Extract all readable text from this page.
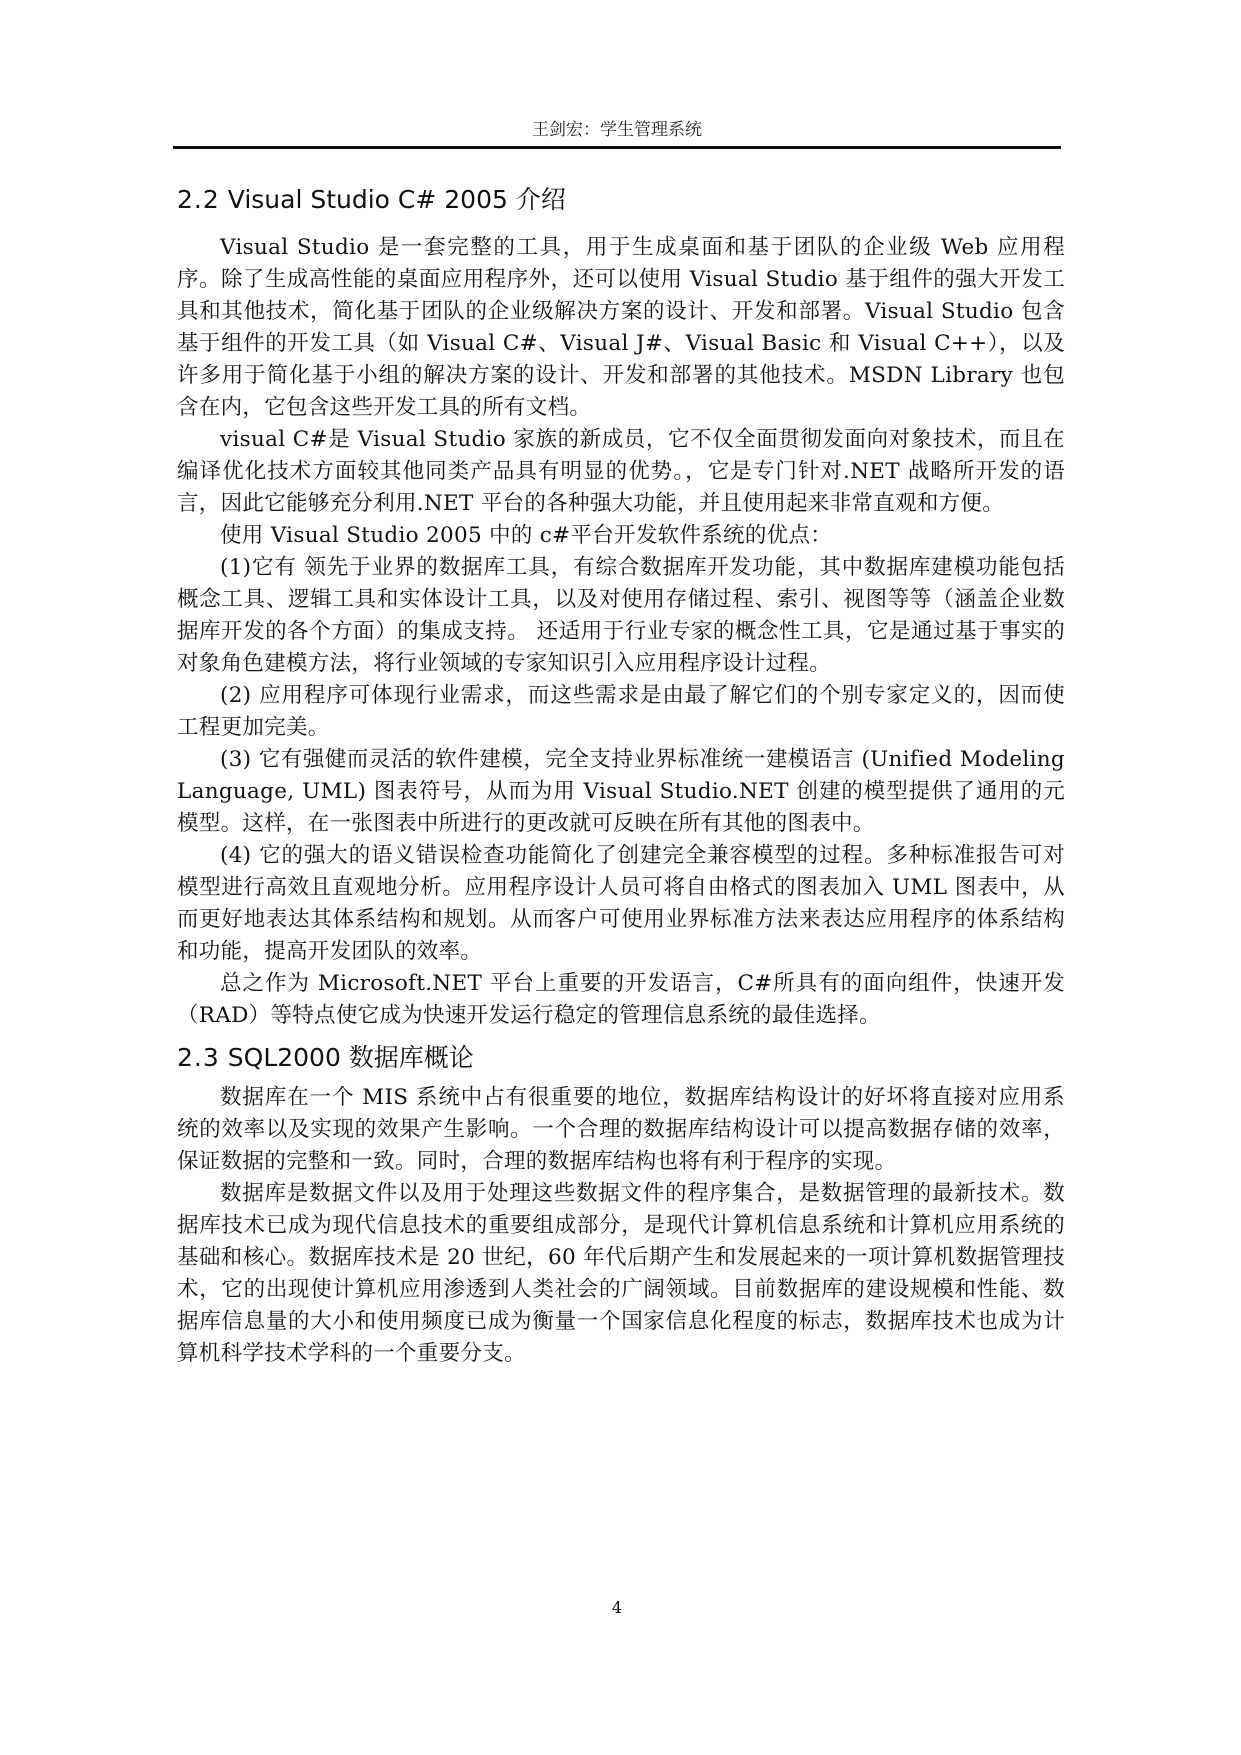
王剑宏：学生管理系统
2.2 Visual Studio C# 2005 介绍

Visual Studio 是一套完整的工具，用于生成桌面和基于团队的企业级 Web 应用程序。除了生成高性能的桌面应用程序外，还可以使用 Visual Studio 基于组件的强大开发工具和其他技术，简化基于团队的企业级解决方案的设计、开发和部署。Visual Studio 包含基于组件的开发工具（如 Visual C#、Visual J#、Visual Basic 和 Visual C++），以及许多用于简化基于小组的解决方案的设计、开发和部署的其他技术。MSDN Library 也包含在内，它包含这些开发工具的所有文档。

visual C#是 Visual Studio 家族的新成员，它不仅全面贯彻发面向对象技术，而且在编译优化技术方面较其他同类产品具有明显的优势。，它是专门针对.NET 战略所开发的语言，因此它能够充分利用.NET 平台的各种强大功能，并且使用起来非常直观和方便。

使用 Visual Studio 2005 中的 c#平台开发软件系统的优点：

(1)它有 领先于业界的数据库工具，有综合数据库开发功能，其中数据库建模功能包括概念工具、逻辑工具和实体设计工具，以及对使用存储过程、索引、视图等等（涵盖企业数据库开发的各个方面）的集成支持。 还适用于行业专家的概念性工具，它是通过基于事实的对象角色建模方法，将行业领域的专家知识引入应用程序设计过程。

(2) 应用程序可体现行业需求，而这些需求是由最了解它们的个别专家定义的，因而使工程更加完美。

(3) 它有强健而灵活的软件建模，完全支持业界标准统一建模语言 (Unified Modeling Language, UML) 图表符号，从而为用 Visual Studio.NET 创建的模型提供了通用的元模型。这样，在一张图表中所进行的更改就可反映在所有其他的图表中。

(4) 它的强大的语义错误检查功能简化了创建完全兼容模型的过程。多种标准报告可对模型进行高效且直观地分析。应用程序设计人员可将自由格式的图表加入 UML 图表中，从而更好地表达其体系结构和规划。从而客户可使用业界标准方法来表达应用程序的体系结构和功能，提高开发团队的效率。

总之作为 Microsoft.NET 平台上重要的开发语言，C#所具有的面向组件，快速开发（RAD）等特点使它成为快速开发运行稳定的管理信息系统的最佳选择。

2.3 SQL2000 数据库概论

数据库在一个 MIS 系统中占有很重要的地位，数据库结构设计的好坏将直接对应用系统的效率以及实现的效果产生影响。一个合理的数据库结构设计可以提高数据存储的效率，保证数据的完整和一致。同时，合理的数据库结构也将有利于程序的实现。

数据库是数据文件以及用于处理这些数据文件的程序集合，是数据管理的最新技术。数据库技术已成为现代信息技术的重要组成部分，是现代计算机信息系统和计算机应用系统的基础和核心。数据库技术是 20 世纪，60 年代后期产生和发展起来的一项计算机数据管理技术，它的出现使计算机应用渗透到人类社会的广阔领域。目前数据库的建设规模和性能、数据库信息量的大小和使用频度已成为衡量一个国家信息化程度的标志，数据库技术也成为计算机科学技术学科的一个重要分支。

4
